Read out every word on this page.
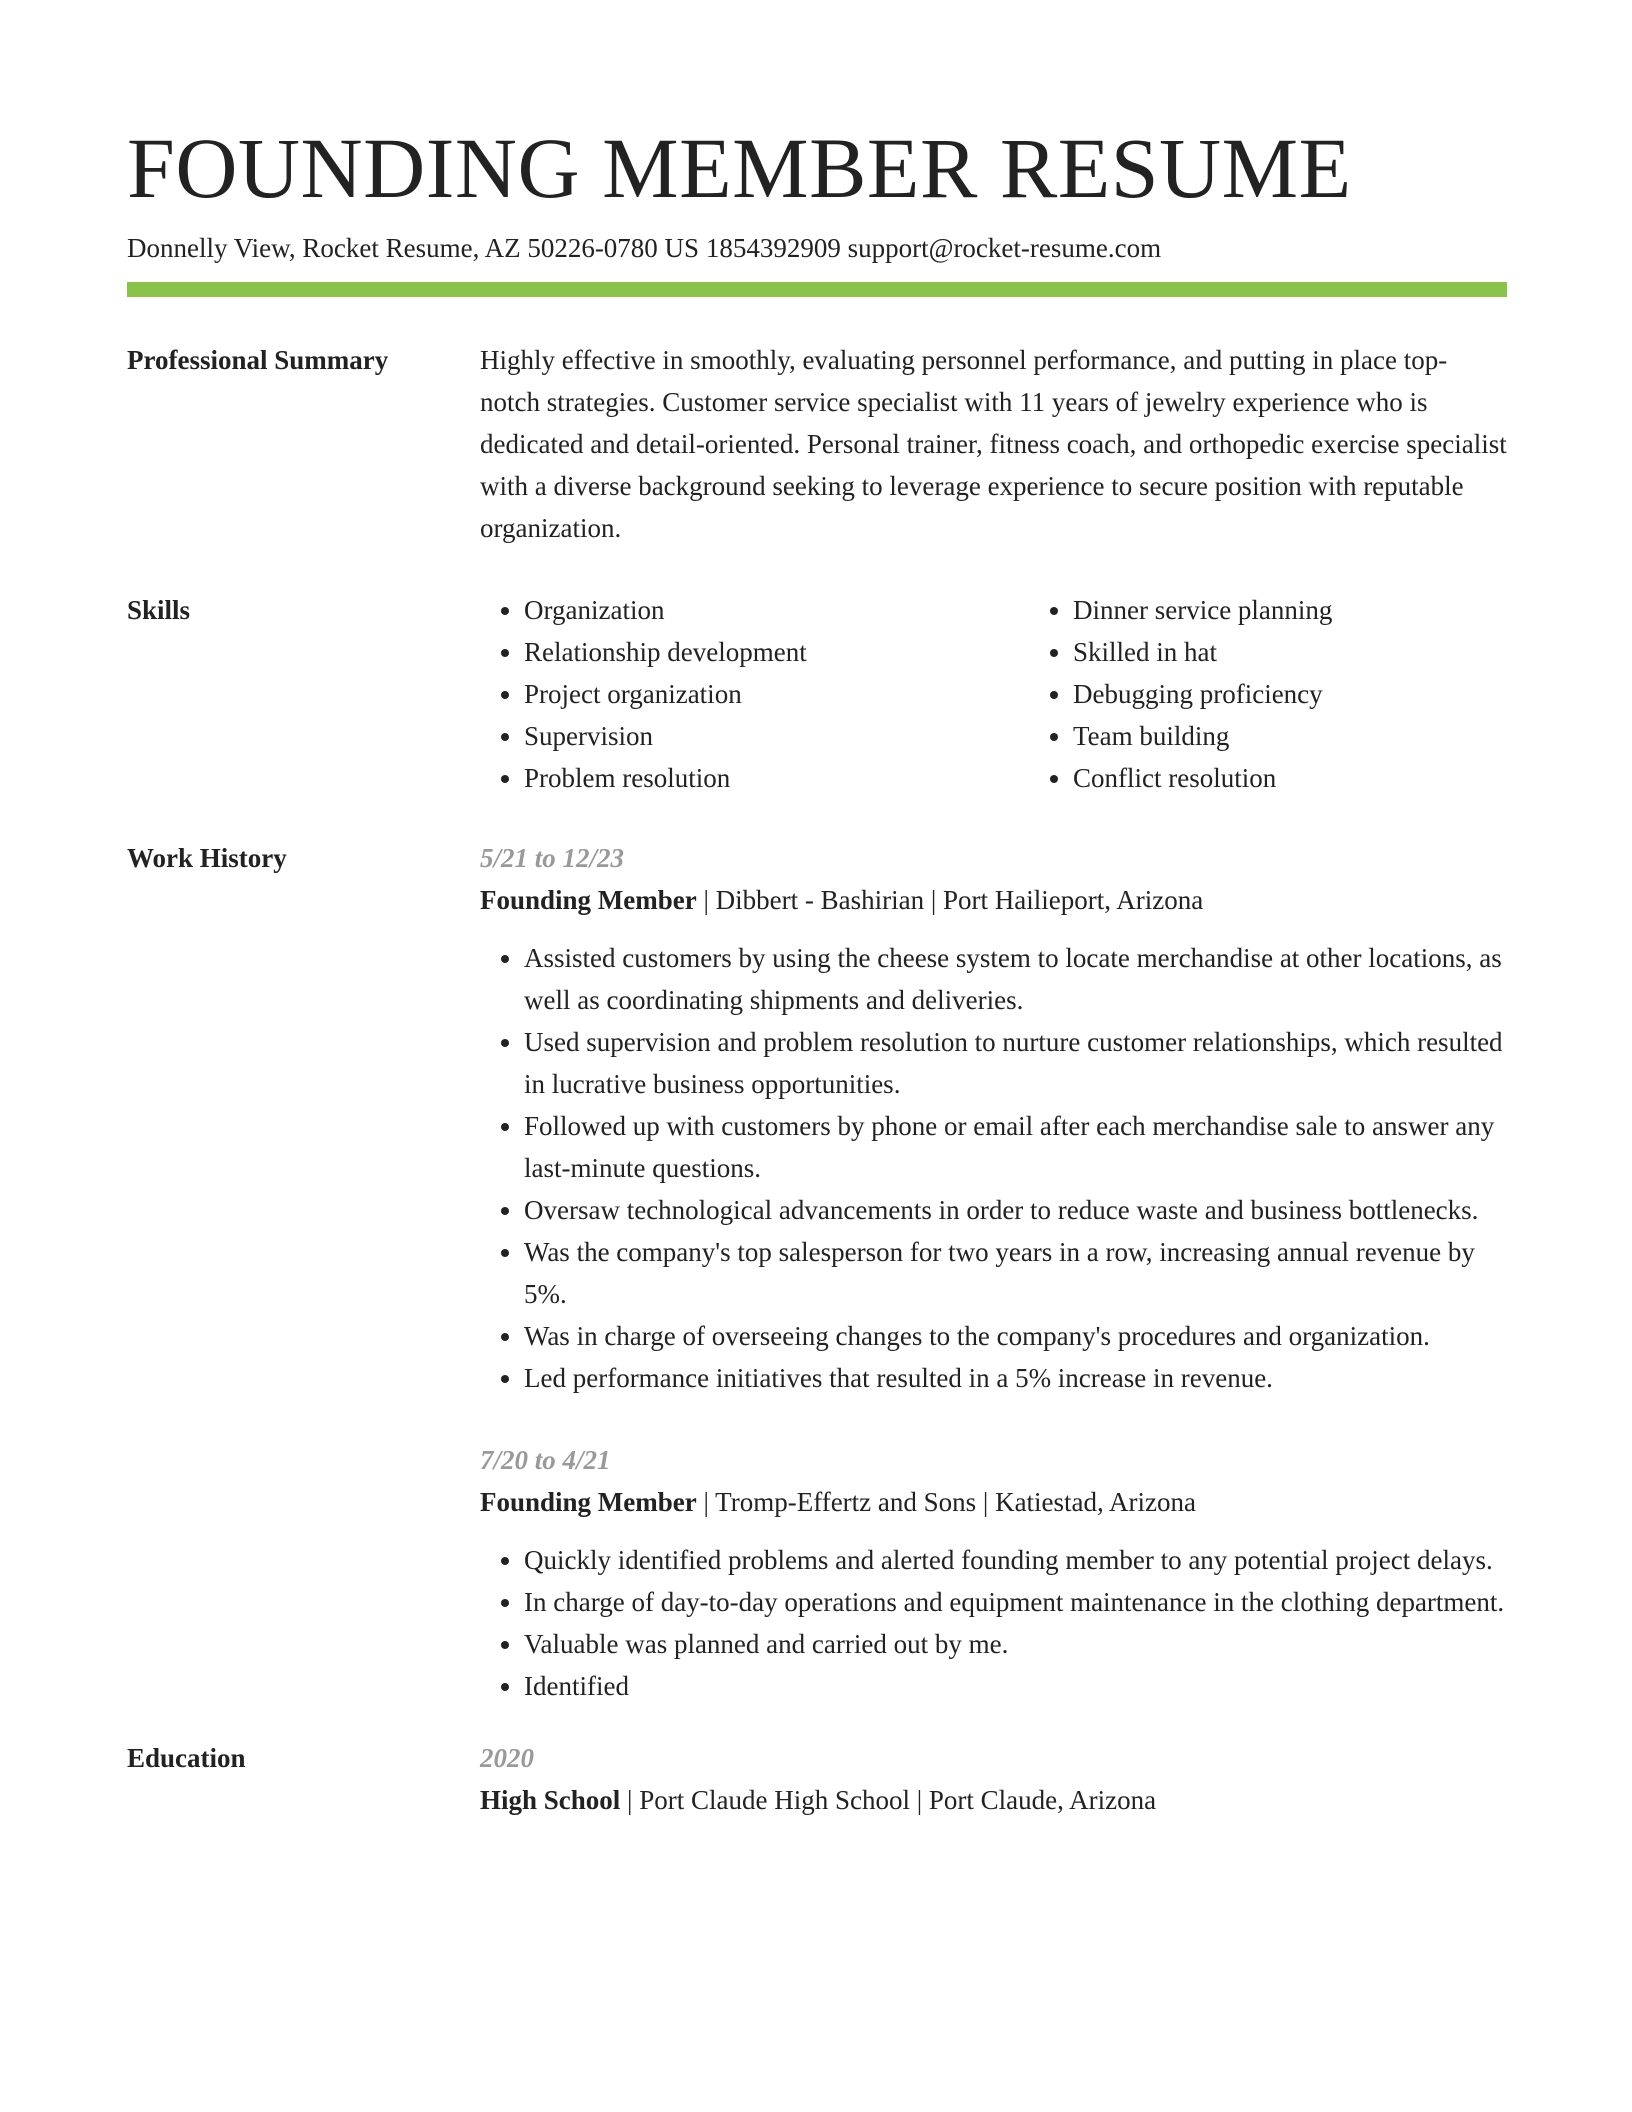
FOUNDING MEMBER RESUME
Donnelly View, Rocket Resume, AZ 50226-0780 US 1854392909 support@rocket-resume.com
Professional Summary	Highly effective in smoothly, evaluating personnel performance, and putting in place top-notch strategies. Customer service specialist with 11 years of jewelry experience who is dedicated and detail-oriented. Personal trainer, fitness coach, and orthopedic exercise specialist with a diverse background seeking to leverage experience to secure position with reputable organization.

Skills
•	Organization
• Relationship development
• Project organization
• Supervision
• Problem resolution
• Dinner service planning
• Skilled in hat
• Debugging proficiency
• Team building
• Conflict resolution
Work History	5/21 to 12/23
Founding Member | Dibbert - Bashirian | Port Hailieport, Arizona
• Assisted customers by using the cheese system to locate merchandise at other locations, as well as coordinating shipments and deliveries.
• Used supervision and problem resolution to nurture customer relationships, which resulted in lucrative business opportunities.
• Followed up with customers by phone or email after each merchandise sale to answer any last-minute questions.
• Oversaw technological advancements in order to reduce waste and business bottlenecks.
• Was the company's top salesperson for two years in a row, increasing annual revenue by 5%.
• Was in charge of overseeing changes to the company's procedures and organization.
• Led performance initiatives that resulted in a 5% increase in revenue.
7/20 to 4/21
Founding Member | Tromp-Effertz and Sons | Katiestad, Arizona
• Quickly identified problems and alerted founding member to any potential project delays.
• In charge of day-to-day operations and equipment maintenance in the clothing department.
• Valuable was planned and carried out by me.
• Identified
Education	2020
High School | Port Claude High School | Port Claude, Arizona
